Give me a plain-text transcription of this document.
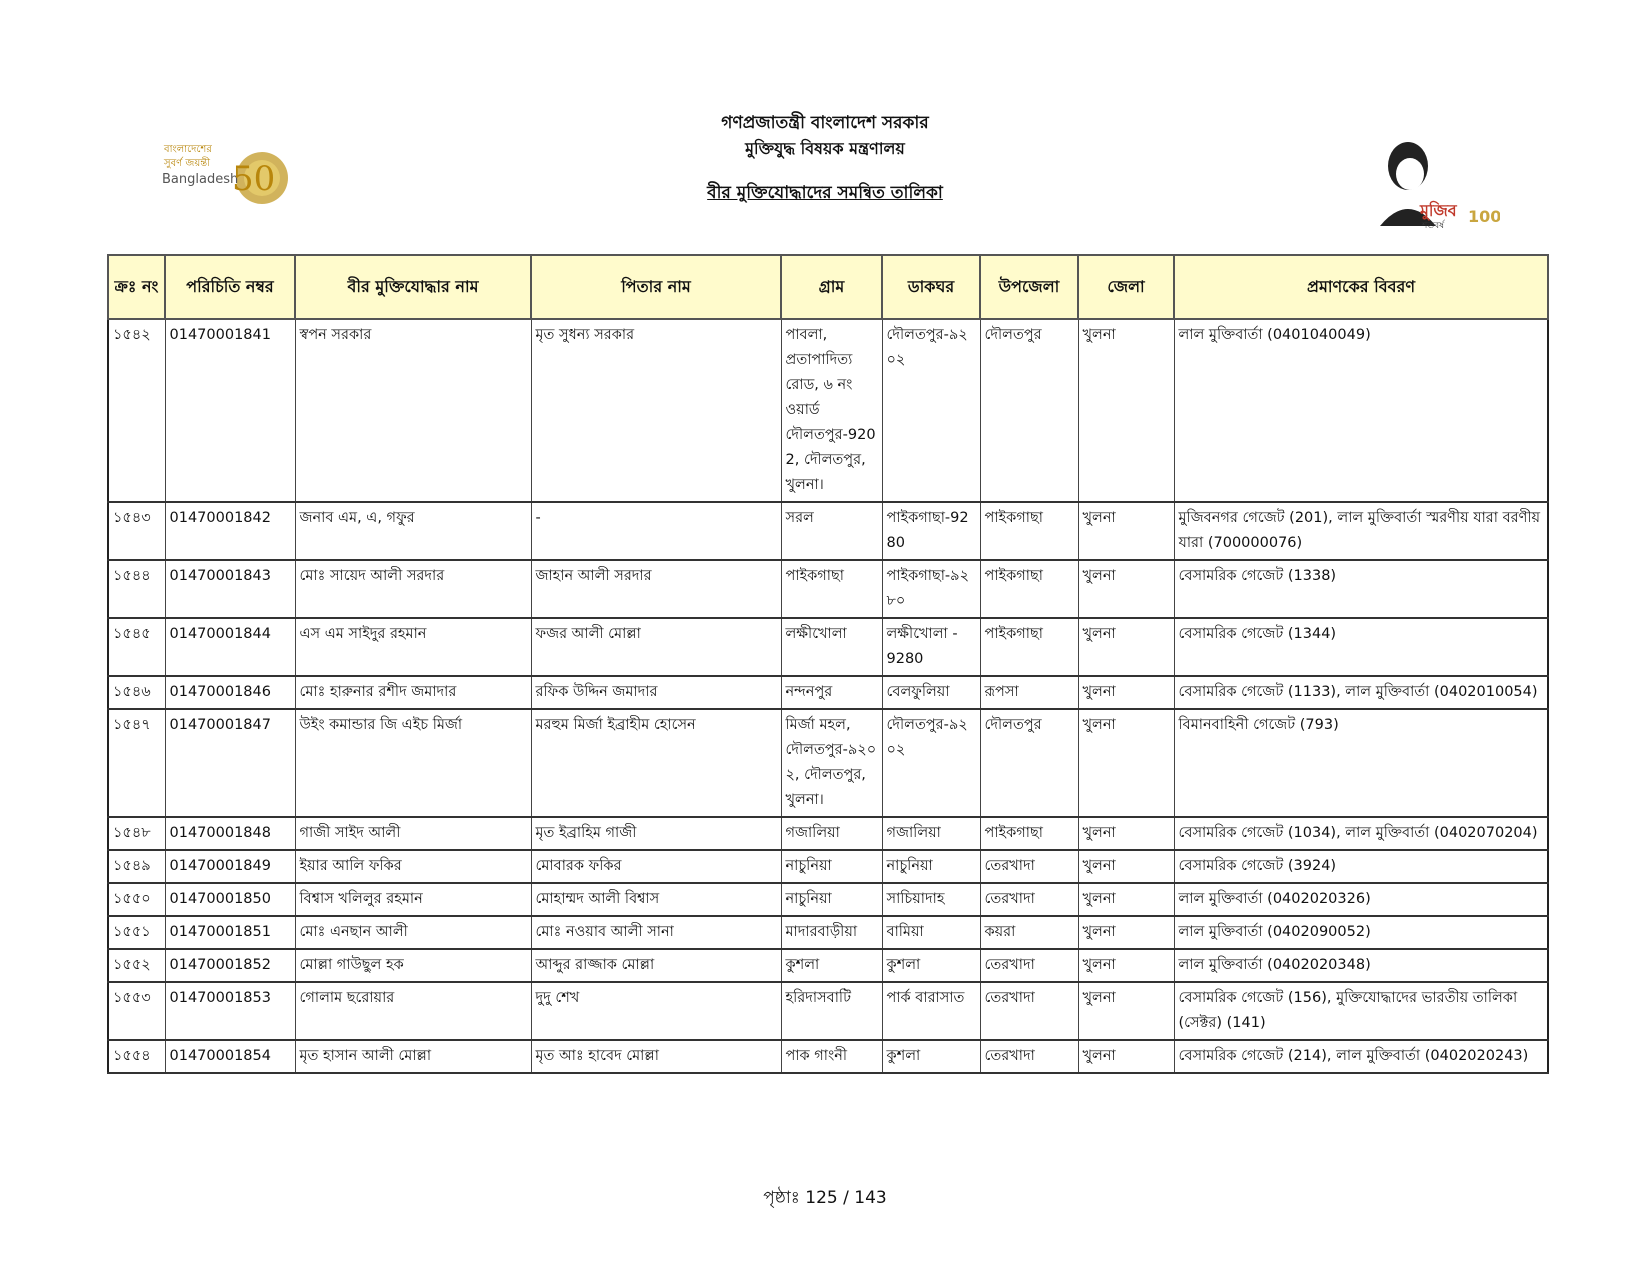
বাংলাদেশের
সুবর্ণ জয়ন্তী
Bangladesh
50
মুজিব
শতবর্ষ 100
গণপ্রজাতন্ত্রী বাংলাদেশ সরকার
মুক্তিযুদ্ধ বিষয়ক মন্ত্রণালয়
বীর মুক্তিযোদ্ধাদের সমন্বিত তালিকা
ক্রঃ নং	পরিচিতি নম্বর	বীর মুক্তিযোদ্ধার নাম	পিতার নাম	গ্রাম	ডাকঘর	উপজেলা	জেলা	প্রমাণকের বিবরণ
১৫৪২	01470001841	স্বপন সরকার	মৃত সুধন্য সরকার	পাবলা, প্রতাপাদিত্য রোড, ৬ নং ওয়ার্ড দৌলতপুর-9202, দৌলতপুর, খুলনা।	দৌলতপুর-৯২০২	দৌলতপুর	খুলনা	লাল মুক্তিবার্তা (0401040049)
১৫৪৩	01470001842	জনাব এম, এ, গফুর	-	সরল	পাইকগাছা-9280	পাইকগাছা	খুলনা	মুজিবনগর গেজেট (201), লাল মুক্তিবার্তা স্মরণীয় যারা বরণীয় যারা (700000076)
১৫৪৪	01470001843	মোঃ সায়েদ আলী সরদার	জাহান আলী সরদার	পাইকগাছা	পাইকগাছা-৯২৮০	পাইকগাছা	খুলনা	বেসামরিক গেজেট (1338)
১৫৪৫	01470001844	এস এম সাইদুর রহমান	ফজর আলী মোল্লা	লক্ষীখোলা	লক্ষীখোলা - 9280	পাইকগাছা	খুলনা	বেসামরিক গেজেট (1344)
১৫৪৬	01470001846	মোঃ হারুনার রশীদ জমাদার	রফিক উদ্দিন জমাদার	নন্দনপুর	বেলফুলিয়া	রূপসা	খুলনা	বেসামরিক গেজেট (1133), লাল মুক্তিবার্তা (0402010054)
১৫৪৭	01470001847	উইং কমান্ডার জি এইচ মির্জা	মরহুম মির্জা ইব্রাহীম হোসেন	মির্জা মহল, দৌলতপুর-৯২০২, দৌলতপুর, খুলনা।	দৌলতপুর-৯২০২	দৌলতপুর	খুলনা	বিমানবাহিনী গেজেট (793)
১৫৪৮	01470001848	গাজী সাইদ আলী	মৃত ইব্রাহিম গাজী	গজালিয়া	গজালিয়া	পাইকগাছা	খুলনা	বেসামরিক গেজেট (1034), লাল মুক্তিবার্তা (0402070204)
১৫৪৯	01470001849	ইয়ার আলি ফকির	মোবারক ফকির	নাচুনিয়া	নাচুনিয়া	তেরখাদা	খুলনা	বেসামরিক গেজেট (3924)
১৫৫০	01470001850	বিশ্বাস খলিলুর রহমান	মোহাম্মদ আলী বিশ্বাস	নাচুনিয়া	সাচিয়াদাহ	তেরখাদা	খুলনা	লাল মুক্তিবার্তা (0402020326)
১৫৫১	01470001851	মোঃ এনছান আলী	মোঃ নওয়াব আলী সানা	মাদারবাড়ীয়া	বামিয়া	কয়রা	খুলনা	লাল মুক্তিবার্তা (0402090052)
১৫৫২	01470001852	মোল্লা গাউছুল হক	আব্দুর রাজ্জাক মোল্লা	কুশলা	কুশলা	তেরখাদা	খুলনা	লাল মুক্তিবার্তা (0402020348)
১৫৫৩	01470001853	গোলাম ছরোয়ার	দুদু শেখ	হরিদাসবাটি	পার্ক বারাসাত	তেরখাদা	খুলনা	বেসামরিক গেজেট (156), মুক্তিযোদ্ধাদের ভারতীয় তালিকা (সেক্টর) (141)
১৫৫৪	01470001854	মৃত হাসান আলী মোল্লা	মৃত আঃ হাবেদ মোল্লা	পাক গাংনী	কুশলা	তেরখাদা	খুলনা	বেসামরিক গেজেট (214), লাল মুক্তিবার্তা (0402020243)
পৃষ্ঠাঃ 125 / 143
